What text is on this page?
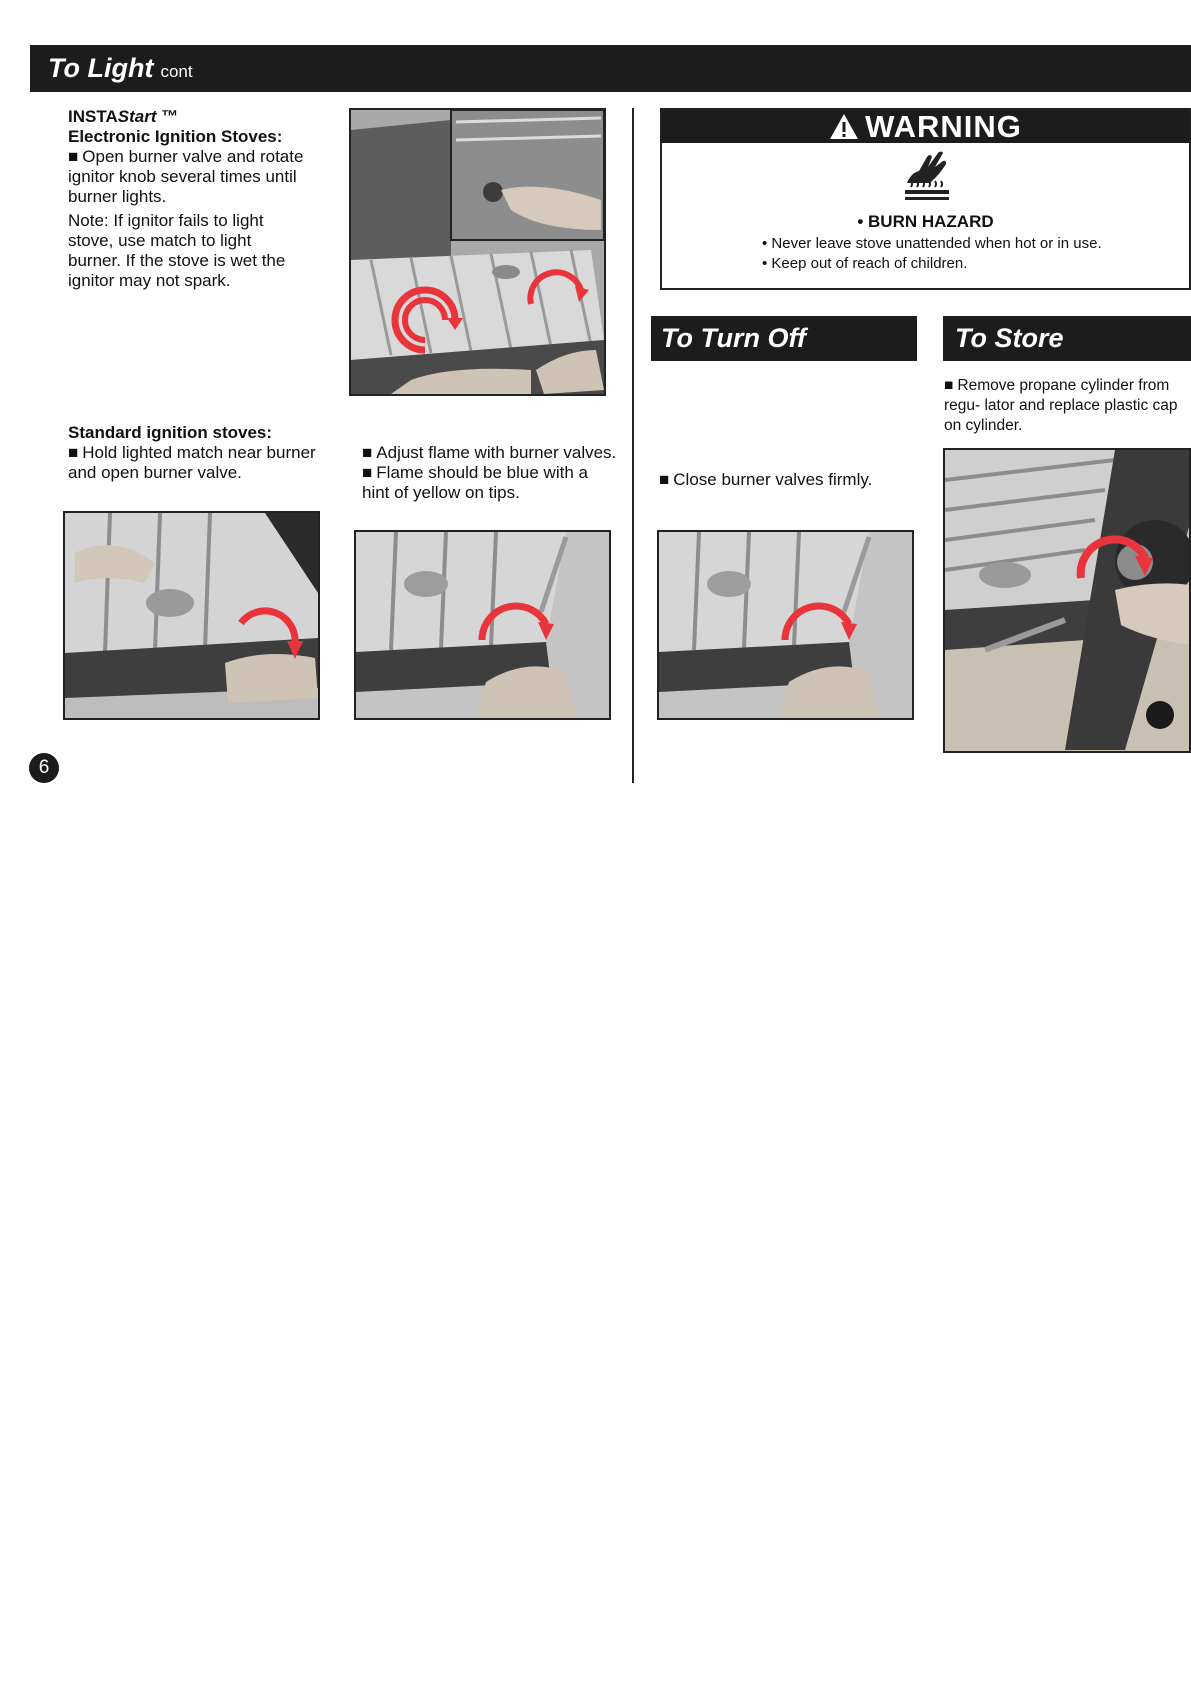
To Light cont

INSTAStart ™

Electronic Ignition Stoves:

■ Open burner valve and rotate ignitor knob several times until burner lights.

Note: If ignitor fails to light stove, use match to light burner. If the stove is wet the ignitor may not spark.

Standard ignition stoves:

■ Hold lighted match near burner and open burner valve.

■ Adjust flame with burner valves.

■ Flame should be blue with a hint of yellow on tips.

WARNING
• BURN HAZARD
• Never leave stove unattended when hot or in use.
• Keep out of reach of children.
To Turn Off

■ Close burner valves firmly.

To Store

■ Remove propane cylinder from regu- lator and replace plastic cap on cylinder.

6
